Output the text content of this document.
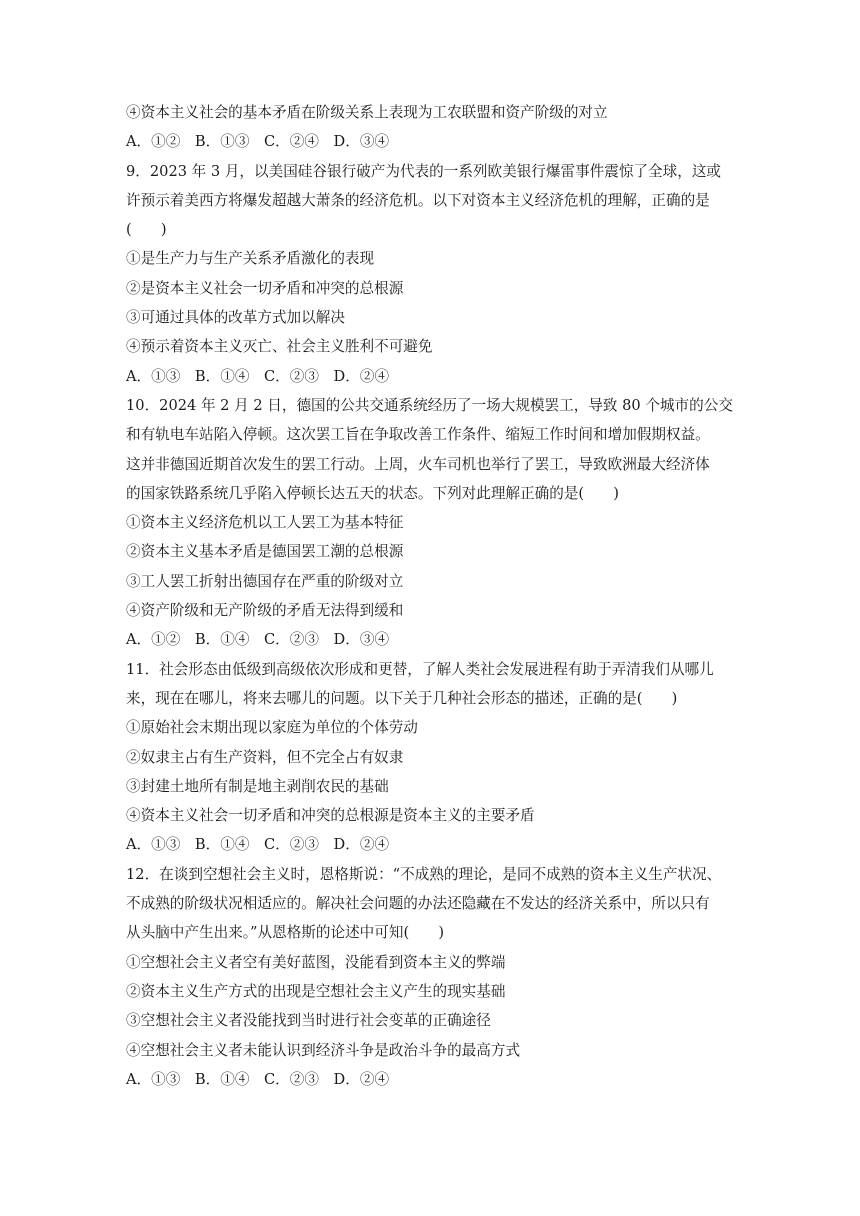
④资本主义社会的基本矛盾在阶级关系上表现为工农联盟和资产阶级的对立
A．①②　B．①③　C．②④　D．③④
9．2023 年 3 月，以美国硅谷银行破产为代表的一系列欧美银行爆雷事件震惊了全球，这或
许预示着美西方将爆发超越大萧条的经济危机。以下对资本主义经济危机的理解，正确的是
(　　)
①是生产力与生产关系矛盾激化的表现
②是资本主义社会一切矛盾和冲突的总根源
③可通过具体的改革方式加以解决
④预示着资本主义灭亡、社会主义胜利不可避免
A．①③　B．①④　C．②③　D．②④
10．2024 年 2 月 2 日，德国的公共交通系统经历了一场大规模罢工，导致 80 个城市的公交
和有轨电车站陷入停顿。这次罢工旨在争取改善工作条件、缩短工作时间和增加假期权益。
这并非德国近期首次发生的罢工行动。上周，火车司机也举行了罢工，导致欧洲最大经济体
的国家铁路系统几乎陷入停顿长达五天的状态。下列对此理解正确的是(　　)
①资本主义经济危机以工人罢工为基本特征
②资本主义基本矛盾是德国罢工潮的总根源
③工人罢工折射出德国存在严重的阶级对立
④资产阶级和无产阶级的矛盾无法得到缓和
A．①②　B．①④　C．②③　D．③④
11．社会形态由低级到高级依次形成和更替，了解人类社会发展进程有助于弄清我们从哪儿
来，现在在哪儿，将来去哪儿的问题。以下关于几种社会形态的描述，正确的是(　　)
①原始社会末期出现以家庭为单位的个体劳动
②奴隶主占有生产资料，但不完全占有奴隶
③封建土地所有制是地主剥削农民的基础
④资本主义社会一切矛盾和冲突的总根源是资本主义的主要矛盾
A．①③　B．①④　C．②③　D．②④
12．在谈到空想社会主义时，恩格斯说：“不成熟的理论，是同不成熟的资本主义生产状况、
不成熟的阶级状况相适应的。解决社会问题的办法还隐藏在不发达的经济关系中，所以只有
从头脑中产生出来。”从恩格斯的论述中可知(　　)
①空想社会主义者空有美好蓝图，没能看到资本主义的弊端
②资本主义生产方式的出现是空想社会主义产生的现实基础
③空想社会主义者没能找到当时进行社会变革的正确途径
④空想社会主义者未能认识到经济斗争是政治斗争的最高方式
A．①③　B．①④　C．②③　D．②④
